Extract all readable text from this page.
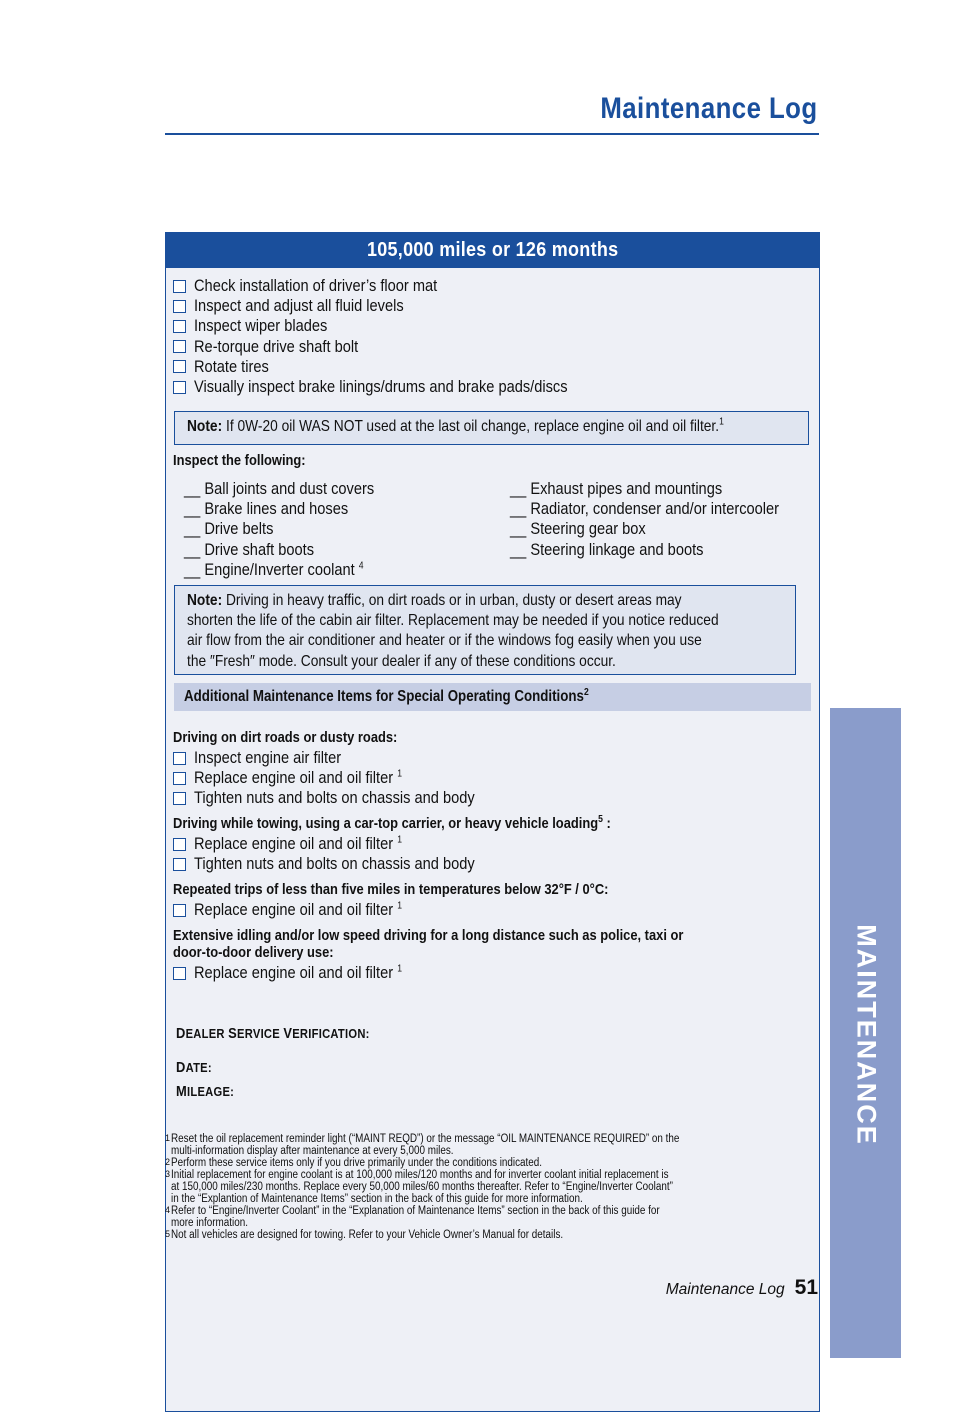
Maintenance Log
MAINTENANCE
105,000 miles or 126 months
Check installation of driver’s floor mat
Inspect and adjust all fluid levels
Inspect wiper blades
Re-torque drive shaft bolt
Rotate tires
Visually inspect brake linings/drums and brake pads/discs
Note: If 0W-20 oil WAS NOT used at the last oil change, replace engine oil and oil filter.$^1$
Inspect the following:
__ Ball joints and dust covers
__ Brake lines and hoses
__ Drive belts
__ Drive shaft boots
__ Engine/Inverter coolant $^4$
__ Exhaust pipes and mountings
__ Radiator, condenser and/or intercooler
__ Steering gear box
__ Steering linkage and boots
Note: Driving in heavy traffic, on dirt roads or in urban, dusty or desert areas may
shorten the life of the cabin air filter. Replacement may be needed if you notice reduced
air flow from the air conditioner and heater or if the windows fog easily when you use
the ″Fresh″ mode. Consult your dealer if any of these conditions occur.
Additional Maintenance Items for Special Operating Conditions$^2$
Driving on dirt roads or dusty roads:
Inspect engine air filter
Replace engine oil and oil filter $^1$
Tighten nuts and bolts on chassis and body
Driving while towing, using a car-top carrier, or heavy vehicle loading$^5$ :
Replace engine oil and oil filter $^1$
Tighten nuts and bolts on chassis and body
Repeated trips of less than five miles in temperatures below 32°F / 0°C:
Replace engine oil and oil filter $^1$
Extensive idling and/or low speed driving for a long distance such as police, taxi or
door-to-door delivery use:
Replace engine oil and oil filter $^1$
DEALER SERVICE VERIFICATION:
DATE:
MILEAGE:
1 Reset the oil replacement reminder light (“MAINT REQD”) or the message “OIL MAINTENANCE REQUIRED” on the
multi-information display after maintenance at every 5,000 miles.
2 Perform these service items only if you drive primarily under the conditions indicated.
3 Initial replacement for engine coolant is at 100,000 miles/120 months and for inverter coolant initial replacement is
at 150,000 miles/230 months. Replace every 50,000 miles/60 months thereafter. Refer to “Engine/Inverter Coolant”
in the “Explantion of Maintenance Items” section in the back of this guide for more information.
4 Refer to “Engine/Inverter Coolant” in the “Explanation of Maintenance Items” section in the back of this guide for
more information.
5 Not all vehicles are designed for towing. Refer to your Vehicle Owner’s Manual for details.
Maintenance Log 51
